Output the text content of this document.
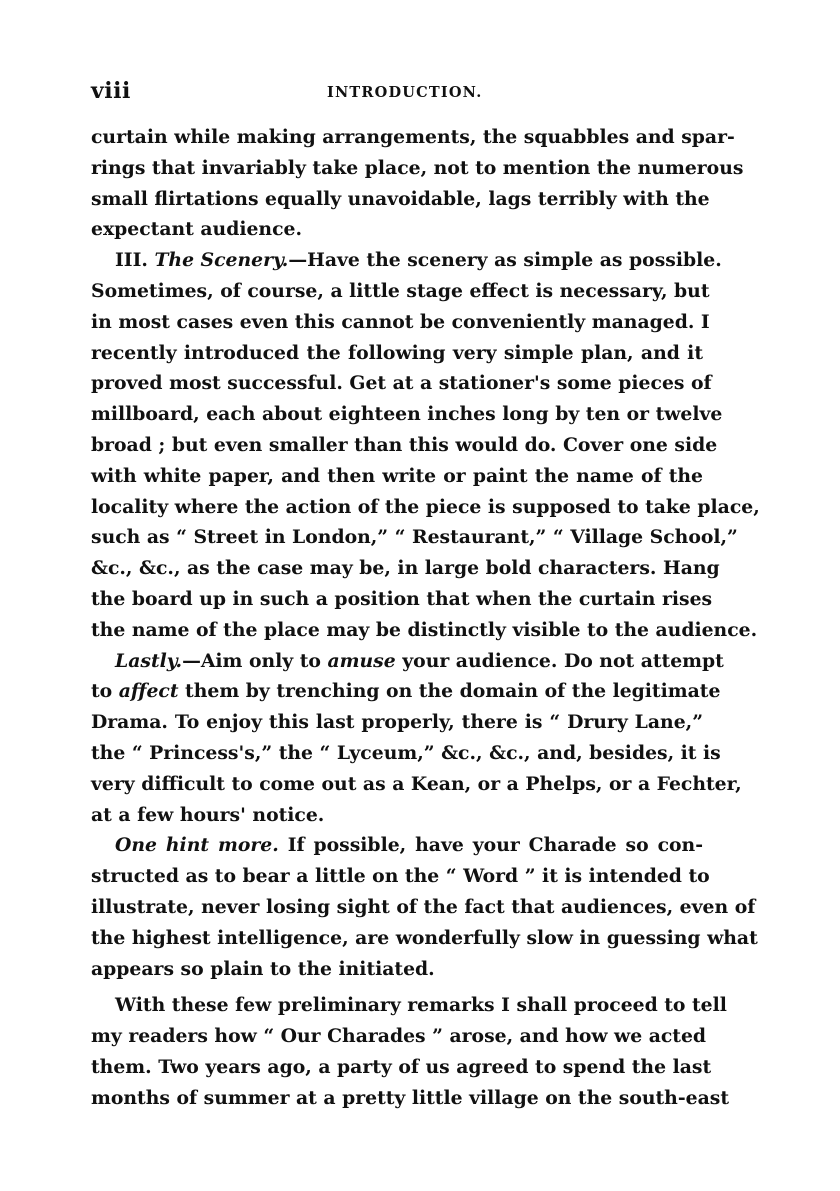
viii	INTRODUCTION.
curtain while making arrangements, the squabbles and spar-
rings that invariably take place, not to mention the numerous
small flirtations equally unavoidable, lags terribly with the
expectant audience.
III. The Scenery.—Have the scenery as simple as possible.
Sometimes, of course, a little stage effect is necessary, but
in most cases even this cannot be conveniently managed. I
recently introduced the following very simple plan, and it
proved most successful. Get at a stationer's some pieces of
millboard, each about eighteen inches long by ten or twelve
broad ; but even smaller than this would do. Cover one side
with white paper, and then write or paint the name of the
locality where the action of the piece is supposed to take place,
such as “ Street in London,” “ Restaurant,” “ Village School,”
&c., &c., as the case may be, in large bold characters. Hang
the board up in such a position that when the curtain rises
the name of the place may be distinctly visible to the audience.
Lastly.—Aim only to amuse your audience. Do not attempt
to affect them by trenching on the domain of the legitimate
Drama. To enjoy this last properly, there is “ Drury Lane,”
the “ Princess's,” the “ Lyceum,” &c., &c., and, besides, it is
very difficult to come out as a Kean, or a Phelps, or a Fechter,
at a few hours' notice.
One hint more. If possible, have your Charade so con-
structed as to bear a little on the “ Word ” it is intended to
illustrate, never losing sight of the fact that audiences, even of
the highest intelligence, are wonderfully slow in guessing what
appears so plain to the initiated.
With these few preliminary remarks I shall proceed to tell
my readers how “ Our Charades ” arose, and how we acted
them. Two years ago, a party of us agreed to spend the last
months of summer at a pretty little village on the south-east
